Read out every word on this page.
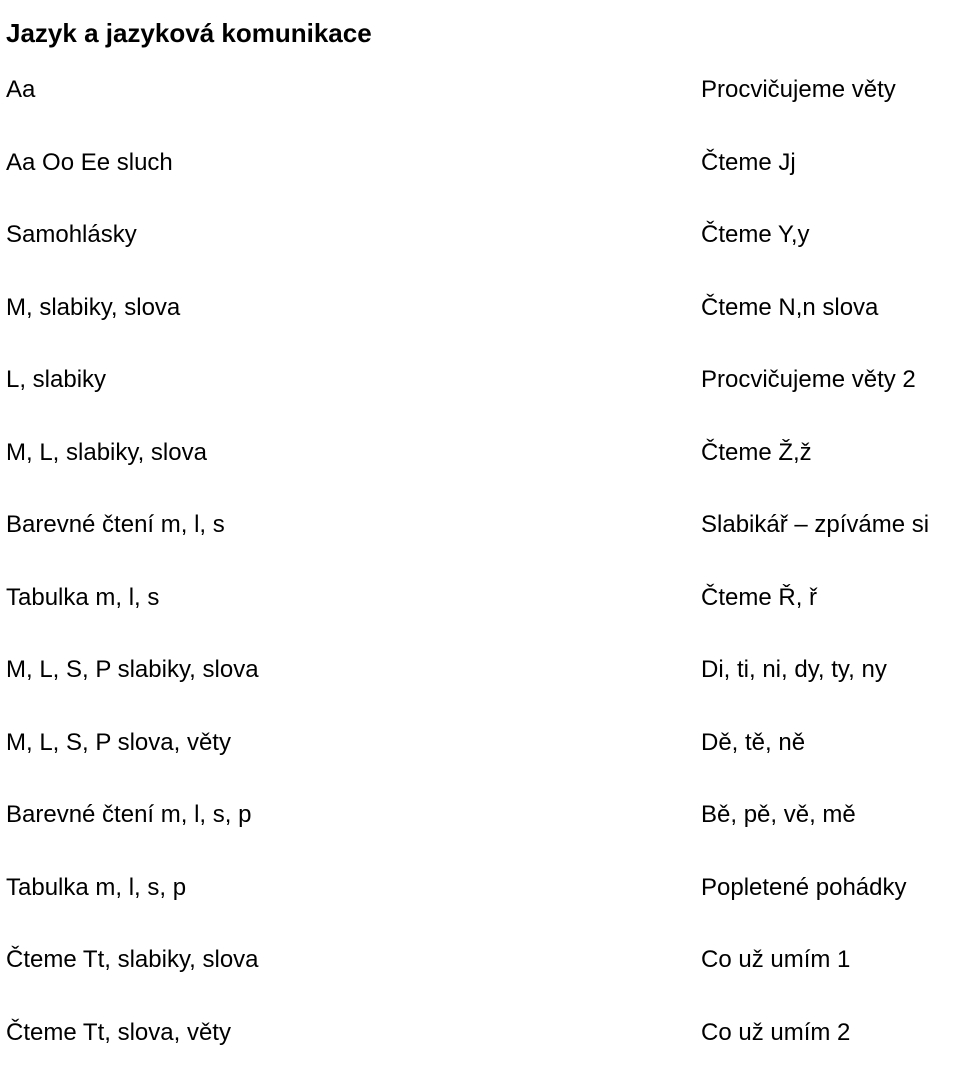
Jazyk a jazyková komunikace
Aa
Aa Oo Ee sluch
Samohlásky
M, slabiky, slova
L, slabiky
M, L, slabiky, slova
Barevné čtení m, l, s
Tabulka m, l, s
M, L, S, P slabiky, slova
M, L, S, P slova, věty
Barevné čtení m, l, s, p
Tabulka m, l, s, p
Čteme Tt, slabiky, slova
Čteme Tt, slova, věty
Procvičujeme věty
Čteme Jj
Čteme Y,y
Čteme N,n slova
Procvičujeme věty 2
Čteme Ž,ž
Slabikář – zpíváme si
Čteme Ř, ř
Di, ti, ni, dy, ty, ny
Dě, tě, ně
Bě, pě, vě, mě
Popletené pohádky
Co už umím 1
Co už umím 2
